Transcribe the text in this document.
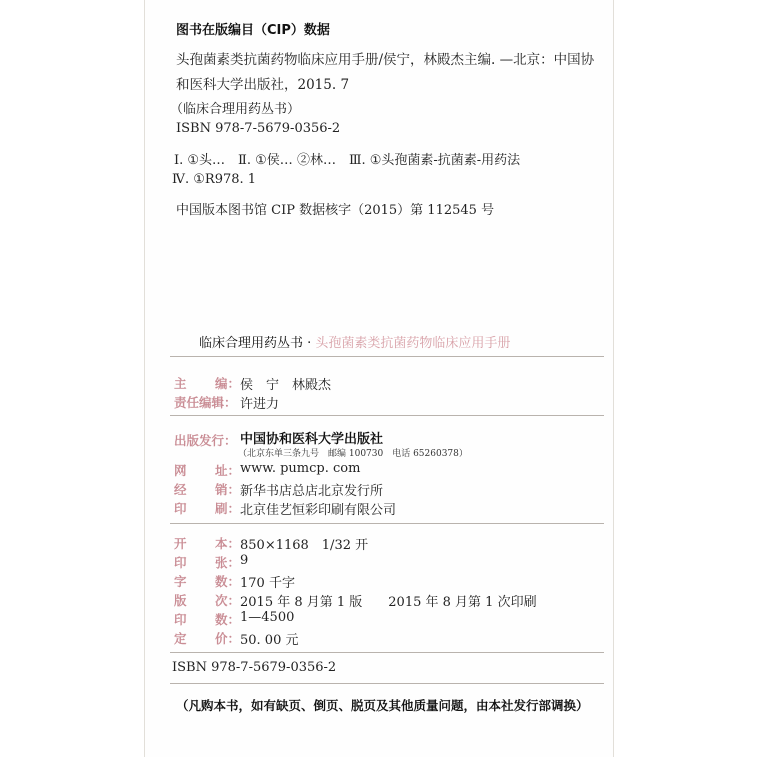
图书在版编目（CIP）数据
头孢菌素类抗菌药物临床应用手册/侯宁，林殿杰主编. —北京：中国协和医科大学出版社，2015. 7
（临床合理用药丛书）
ISBN 978-7-5679-0356-2
Ⅰ. ①头…　Ⅱ. ①侯… ②林…　Ⅲ. ①头孢菌素-抗菌素-用药法
Ⅳ. ①R978. 1
中国版本图书馆 CIP 数据核字（2015）第 112545 号
临床合理用药丛书 · 头孢菌素类抗菌药物临床应用手册
主 编： 侯　宁　林殿杰
责任编辑： 许进力
出版发行： 中国协和医科大学出版社
（北京东单三条九号　邮编 100730　电话 65260378）
网 址： www. pumcp. com
经 销： 新华书店总店北京发行所
印 刷： 北京佳艺恒彩印刷有限公司
开 本： 850×1168　1/32 开
印 张： 9
字 数： 170 千字
版 次： 2015 年 8 月第 1 版　　2015 年 8 月第 1 次印刷
印 数： 1—4500
定 价： 50. 00 元
ISBN 978-7-5679-0356-2
（凡购本书，如有缺页、倒页、脱页及其他质量问题，由本社发行部调换）
